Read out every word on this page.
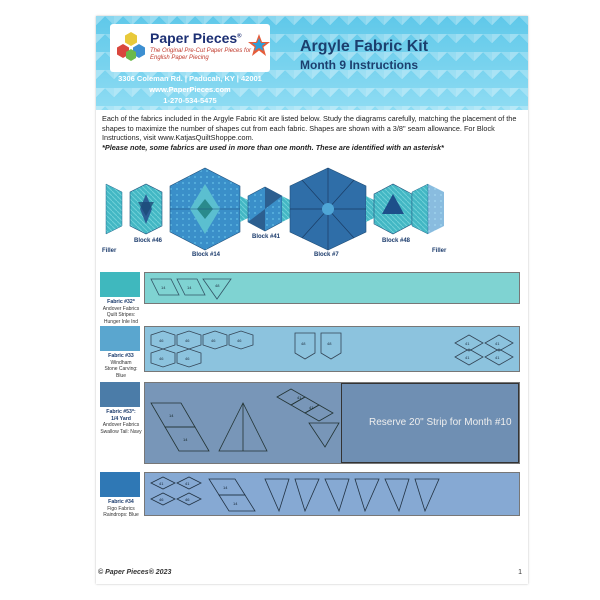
Paper Pieces®
The Original Pre-Cut Paper Pieces for English Paper Piecing
3306 Coleman Rd. | Paducah, KY | 42001
www.PaperPieces.com
1-270-534-5475
Argyle Fabric Kit
Month 9 Instructions
Each of the fabrics included in the Argyle Fabric Kit are listed below. Study the diagrams carefully, matching the placement of the shapes to maximize the number of shapes cut from each fabric. Shapes are shown with a 3/8" seam allowance. For Block Instructions, visit www.KatjasQuiltShoppe.com.
*Please note, some fabrics are used in more than one month. These are identified with an asterisk*
Filler
Block #46
Block #14
Block #41
Block #7
Block #48
Filler
Fabric #32*
Andover Fabrics
Quilt Stripes: Hunger Inle Ind
14	14	48
Fabric #33
Windham
Stone Carving: Blue
46
46
46
46
46	46
48	48	41	41
41	41
Fabric #53*:
1/4 Yard
Andover Fabrics
Swallow Tail: Navy
14
41
41
14
Reserve 20" Strip for Month #10
Fabric #34
Figo Fabrics
Raindrops: Blue
41	41
46	46
14
14
© Paper Pieces® 2023	1
